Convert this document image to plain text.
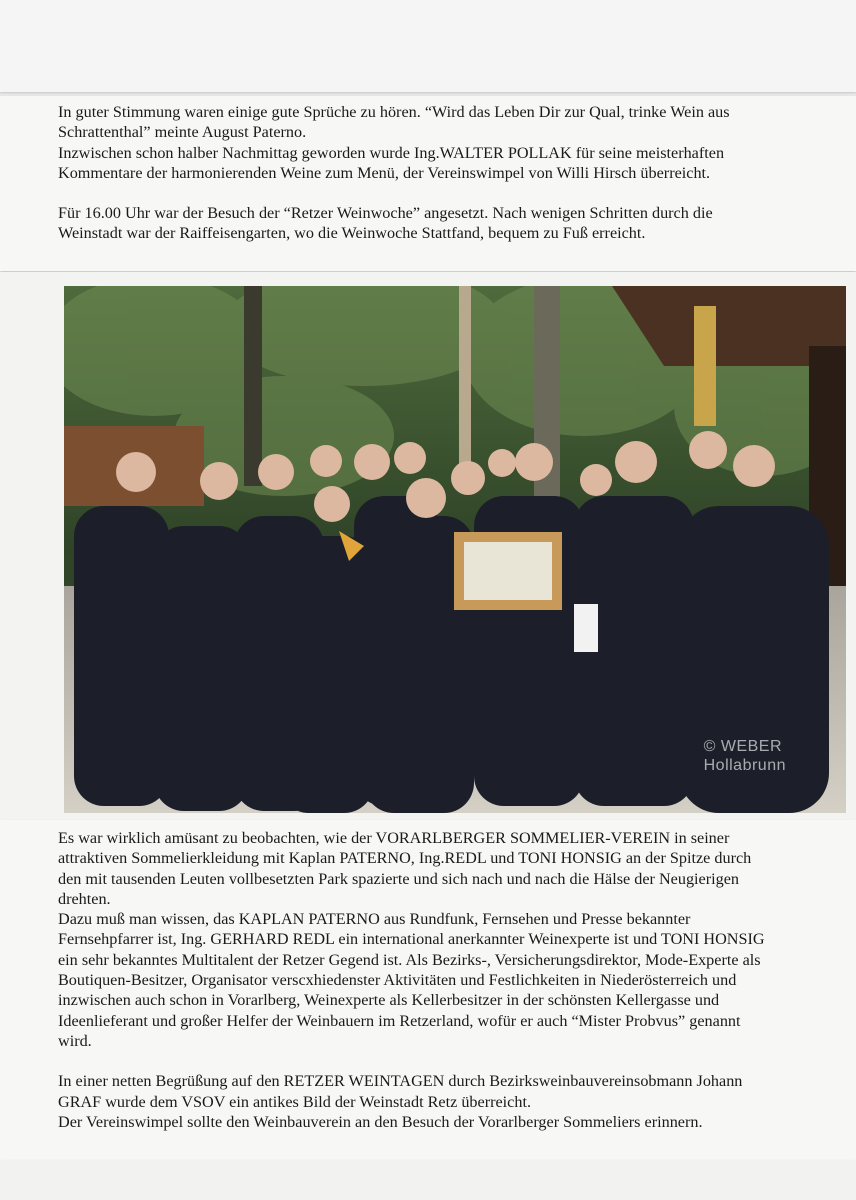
In guter Stimmung waren einige gute Sprüche zu hören. “Wird das Leben Dir zur Qual, trinke Wein aus Schrattenthal” meinte August Paterno.

Inzwischen schon halber Nachmittag geworden wurde Ing.WALTER POLLAK für seine meisterhaften Kommentare der harmonierenden Weine zum Menü, der Vereinswimpel von Willi Hirsch überreicht.

Für 16.00 Uhr war der Besuch der “Retzer Weinwoche” angesetzt. Nach wenigen Schritten durch die Weinstadt war der Raiffeisengarten, wo die Weinwoche Stattfand, bequem zu Fuß erreicht.

© WEBER
Hollabrunn

Es war wirklich amüsant zu beobachten, wie der VORARLBERGER SOMMELIER-VEREIN in seiner attraktiven Sommelierkleidung mit Kaplan PATERNO, Ing.REDL und TONI HONSIG an der Spitze durch den mit tausenden Leuten vollbesetzten Park spazierte und sich nach und nach die Hälse der Neugierigen drehten.

Dazu muß man wissen, das KAPLAN PATERNO aus Rundfunk, Fernsehen und Presse bekannter Fernsehpfarrer ist, Ing. GERHARD REDL ein international anerkannter Weinexperte ist und TONI HONSIG ein sehr bekanntes Multitalent der Retzer Gegend ist. Als Bezirks-, Versicherungsdirektor, Mode-Experte als Boutiquen-Besitzer, Organisator verscxhiedenster Aktivitäten und Festlichkeiten in Niederösterreich und inzwischen auch schon in Vorarlberg, Weinexperte als Kellerbesitzer in der schönsten Kellergasse und Ideenlieferant und großer Helfer der Weinbauern im Retzerland, wofür er auch “Mister Probvus” genannt wird.

In einer netten Begrüßung auf den RETZER WEINTAGEN durch Bezirksweinbauvereinsobmann Johann GRAF wurde dem VSOV ein antikes Bild der Weinstadt Retz überreicht.

Der Vereinswimpel sollte den Weinbauverein an den Besuch der Vorarlberger Sommeliers erinnern.
